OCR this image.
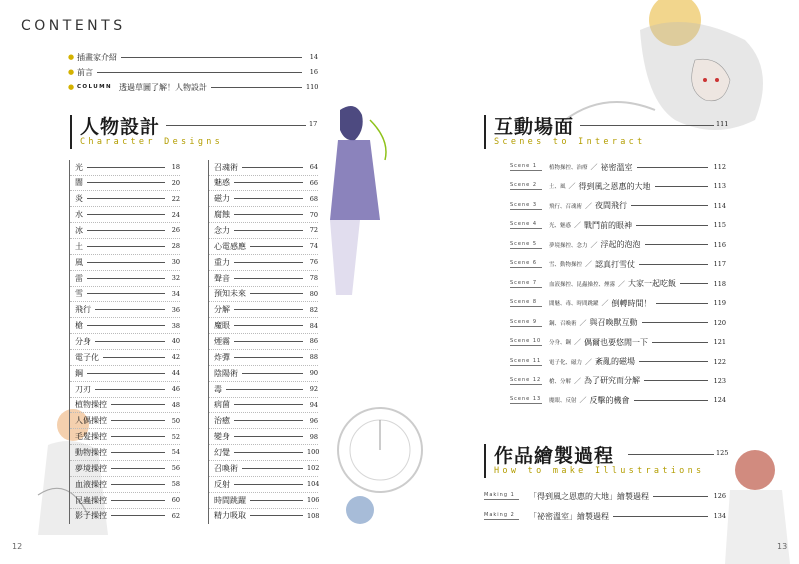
CONTENTS
● 插畫家介紹	14
● 前言	16
● COLUMN 透過草圖了解！人物設計	110
人物設計
Character Designs
17
光	18
闇	20
炎	22
水	24
冰	26
土	28
風	30
雷	32
雪	34
飛行	36
槍	38
分身	40
電子化	42
鋼	44
刀刃	46
植物操控	48
人偶操控	50
毛髮操控	52
動物操控	54
夢境操控	56
血液操控	58
昆蟲操控	60
影子操控	62
召魂術	64
魅惑	66
磁力	68
腐蝕	70
念力	72
心電感應	74
重力	76
聲音	78
預知未來	80
分解	82
魔眼	84
煙霧	86
炸彈	88
陰陽術	90
毒	92
病菌	94
治癒	96
變身	98
幻覺	100
召喚術	102
反射	104
時間跳躍	106
精力吸取	108
互動場面
Scenes to Interact
111
Scene 1	植物操控、治療 ／ 祕密溫室	112
Scene 2	土、風 ／ 得到風之恩惠的大地	113
Scene 3	飛行、召魂術 ／ 夜間飛行	114
Scene 4	光、魅惑 ／ 戰鬥前的眼神	115
Scene 5	夢境操控、念力 ／ 浮起的泡泡	116
Scene 6	雪、動物操控 ／ 認真打雪仗	117
Scene 7	血液操控、昆蟲操控、煙霧 ／ 大家一起吃飯	118
Scene 8	闇魅、毒、時間跳躍 ／ 倒轉時間！	119
Scene 9	鋼、召喚術 ／ 與召喚獸互動	120
Scene 10 分身、鋼 ／ 偶爾也要悠閒一下	121
Scene 11 電子化、磁力 ／ 紊亂的磁場	122
Scene 12 槍、分解 ／ 為了研究而分解	123
Scene 13 魔眼、反射 ／ 反擊的機會	124
作品繪製過程
How to make Illustrations
125
Making 1	「得到風之恩惠的大地」繪製過程	126
Making 2	「祕密溫室」繪製過程	134
12	13
